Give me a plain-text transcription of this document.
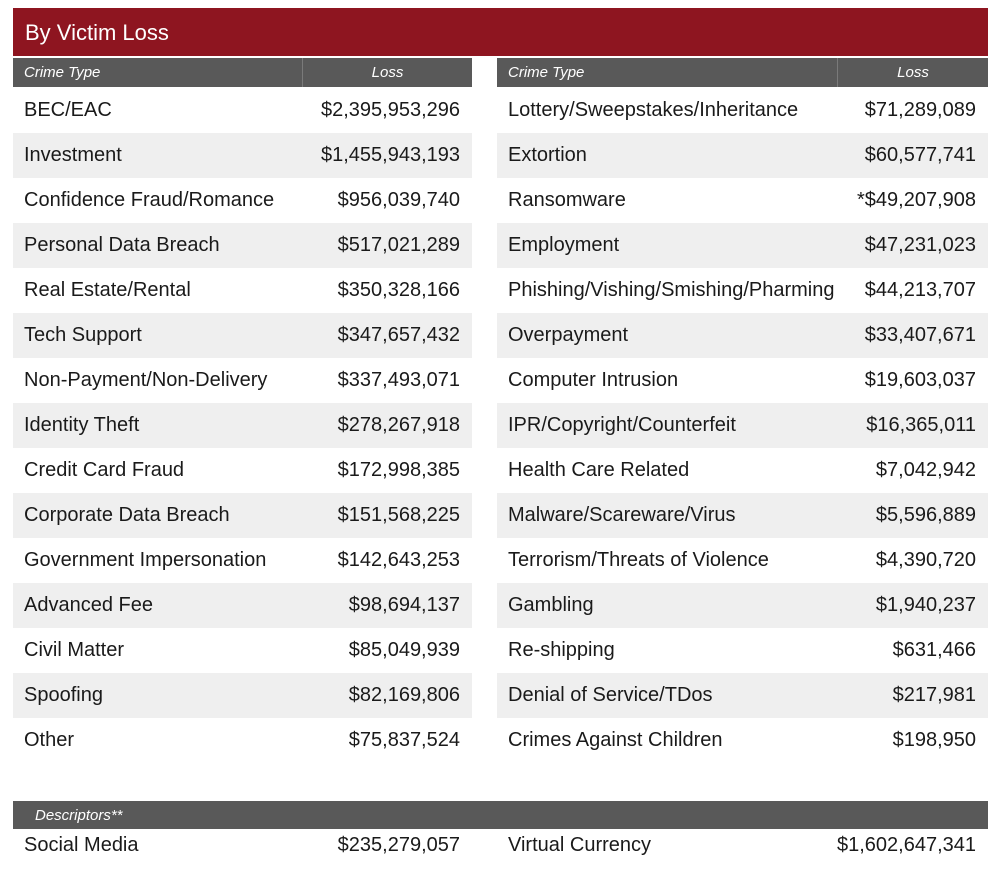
By Victim Loss
Crime Type	Loss	Crime Type	Loss
BEC/EAC	$2,395,953,296
Investment	$1,455,943,193
Confidence Fraud/Romance	$956,039,740
Personal Data Breach	$517,021,289
Real Estate/Rental	$350,328,166
Tech Support	$347,657,432
Non-Payment/Non-Delivery	$337,493,071
Identity Theft	$278,267,918
Credit Card Fraud	$172,998,385
Corporate Data Breach	$151,568,225
Government Impersonation	$142,643,253
Advanced Fee	$98,694,137
Civil Matter	$85,049,939
Spoofing	$82,169,806
Other	$75,837,524
Lottery/Sweepstakes/Inheritance	$71,289,089
Extortion	$60,577,741
Ransomware	*$49,207,908
Employment	$47,231,023
Phishing/Vishing/Smishing/Pharming	$44,213,707
Overpayment	$33,407,671
Computer Intrusion	$19,603,037
IPR/Copyright/Counterfeit	$16,365,011
Health Care Related	$7,042,942
Malware/Scareware/Virus	$5,596,889
Terrorism/Threats of Violence	$4,390,720
Gambling	$1,940,237
Re-shipping	$631,466
Denial of Service/TDos	$217,981
Crimes Against Children	$198,950
Descriptors**
Social Media	$235,279,057	Virtual Currency	$1,602,647,341
